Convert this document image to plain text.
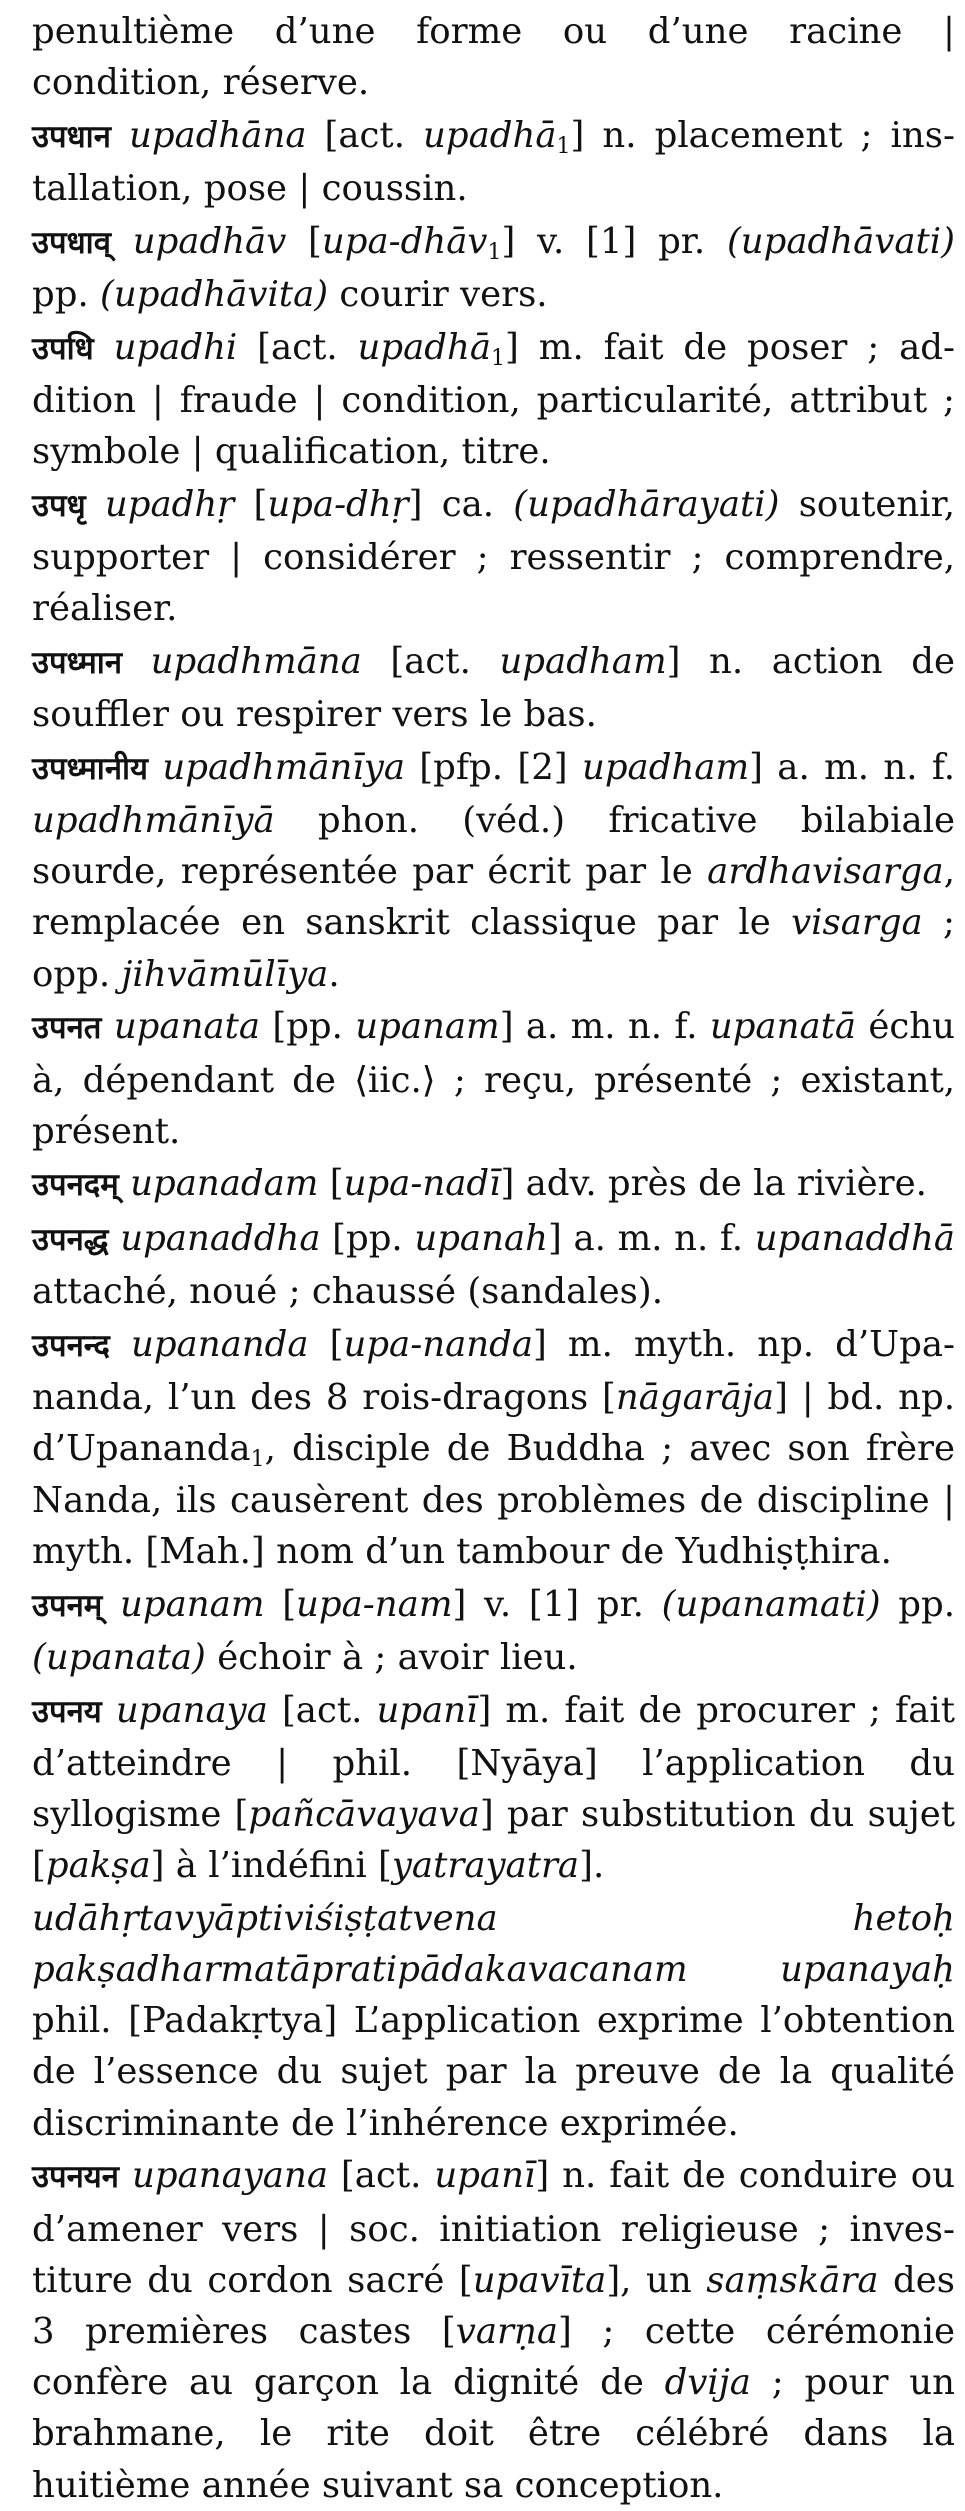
penultième d’une forme ou d’une racine | condition, réserve.

उपधान upadhāna [act. upadhā$_1$] n. placement ; installation, pose | coussin.

उपधाव् upadhāv [upa-dhāv$_1$] v. [1] pr. (upadhāvati) pp. (upadhāvita) courir vers.

उपधि upadhi [act. upadhā$_1$] m. fait de poser ; addition | fraude | condition, particularité, attribut ; symbole | qualification, titre.

उपधृ upadhṛ [upa-dhṛ] ca. (upadhārayati) soutenir, supporter | considérer ; ressentir ; comprendre, réaliser.

उपध्मान upadhmāna [act. upadham] n. action de souffler ou respirer vers le bas.

उपध्मानीय upadhmānīya [pfp. [2] upadham] a. m. n. f. upadhmānīyā phon. (véd.) fricative bilabiale sourde, représentée par écrit par le ardhavisarga, remplacée en sanskrit classique par le visarga ; opp. jihvāmūlīya.

उपनत upanata [pp. upanam] a. m. n. f. upanatā échu à, dépendant de ⟨iic.⟩ ; reçu, présenté ; existant, présent.

उपनदम् upanadam [upa-nadī] adv. près de la rivière.

उपनद्ध upanaddha [pp. upanah] a. m. n. f. upanaddhā attaché, noué ; chaussé (sandales).

उपनन्द upananda [upa-nanda] m. myth. np. d’Upananda, l’un des 8 rois-dragons [nāgarāja] | bd. np. d’Upananda$_1$, disciple de Buddha ; avec son frère Nanda, ils causèrent des problèmes de discipline | myth. [Mah.] nom d’un tambour de Yudhiṣṭhira.

उपनम् upanam [upa-nam] v. [1] pr. (upanamati) pp. (upanata) échoir à ; avoir lieu.

उपनय upanaya [act. upanī] m. fait de procurer ; fait d’atteindre | phil. [Nyāya] l’application du syllogisme [pañcāvayava] par substitution du sujet [pakṣa] à l’indéfini [yatrayatra].

udāhṛtavyāptiviśiṣṭatvena	hetoḥ
pakṣadharmatāpratipādakavacanam	upanayaḥ

phil. [Padakṛtya] L’application exprime l’obtention de l’essence du sujet par la preuve de la qualité discriminante de l’inhérence exprimée.

उपनयन upanayana [act. upanī] n. fait de conduire ou d’amener vers | soc. initiation religieuse ; investiture du cordon sacré [upavīta], un saṃskāra des 3 premières castes [varṇa] ; cette cérémonie confère au garçon la dignité de dvija ; pour un brahmane, le rite doit être célébré dans la huitième année suivant sa conception.
